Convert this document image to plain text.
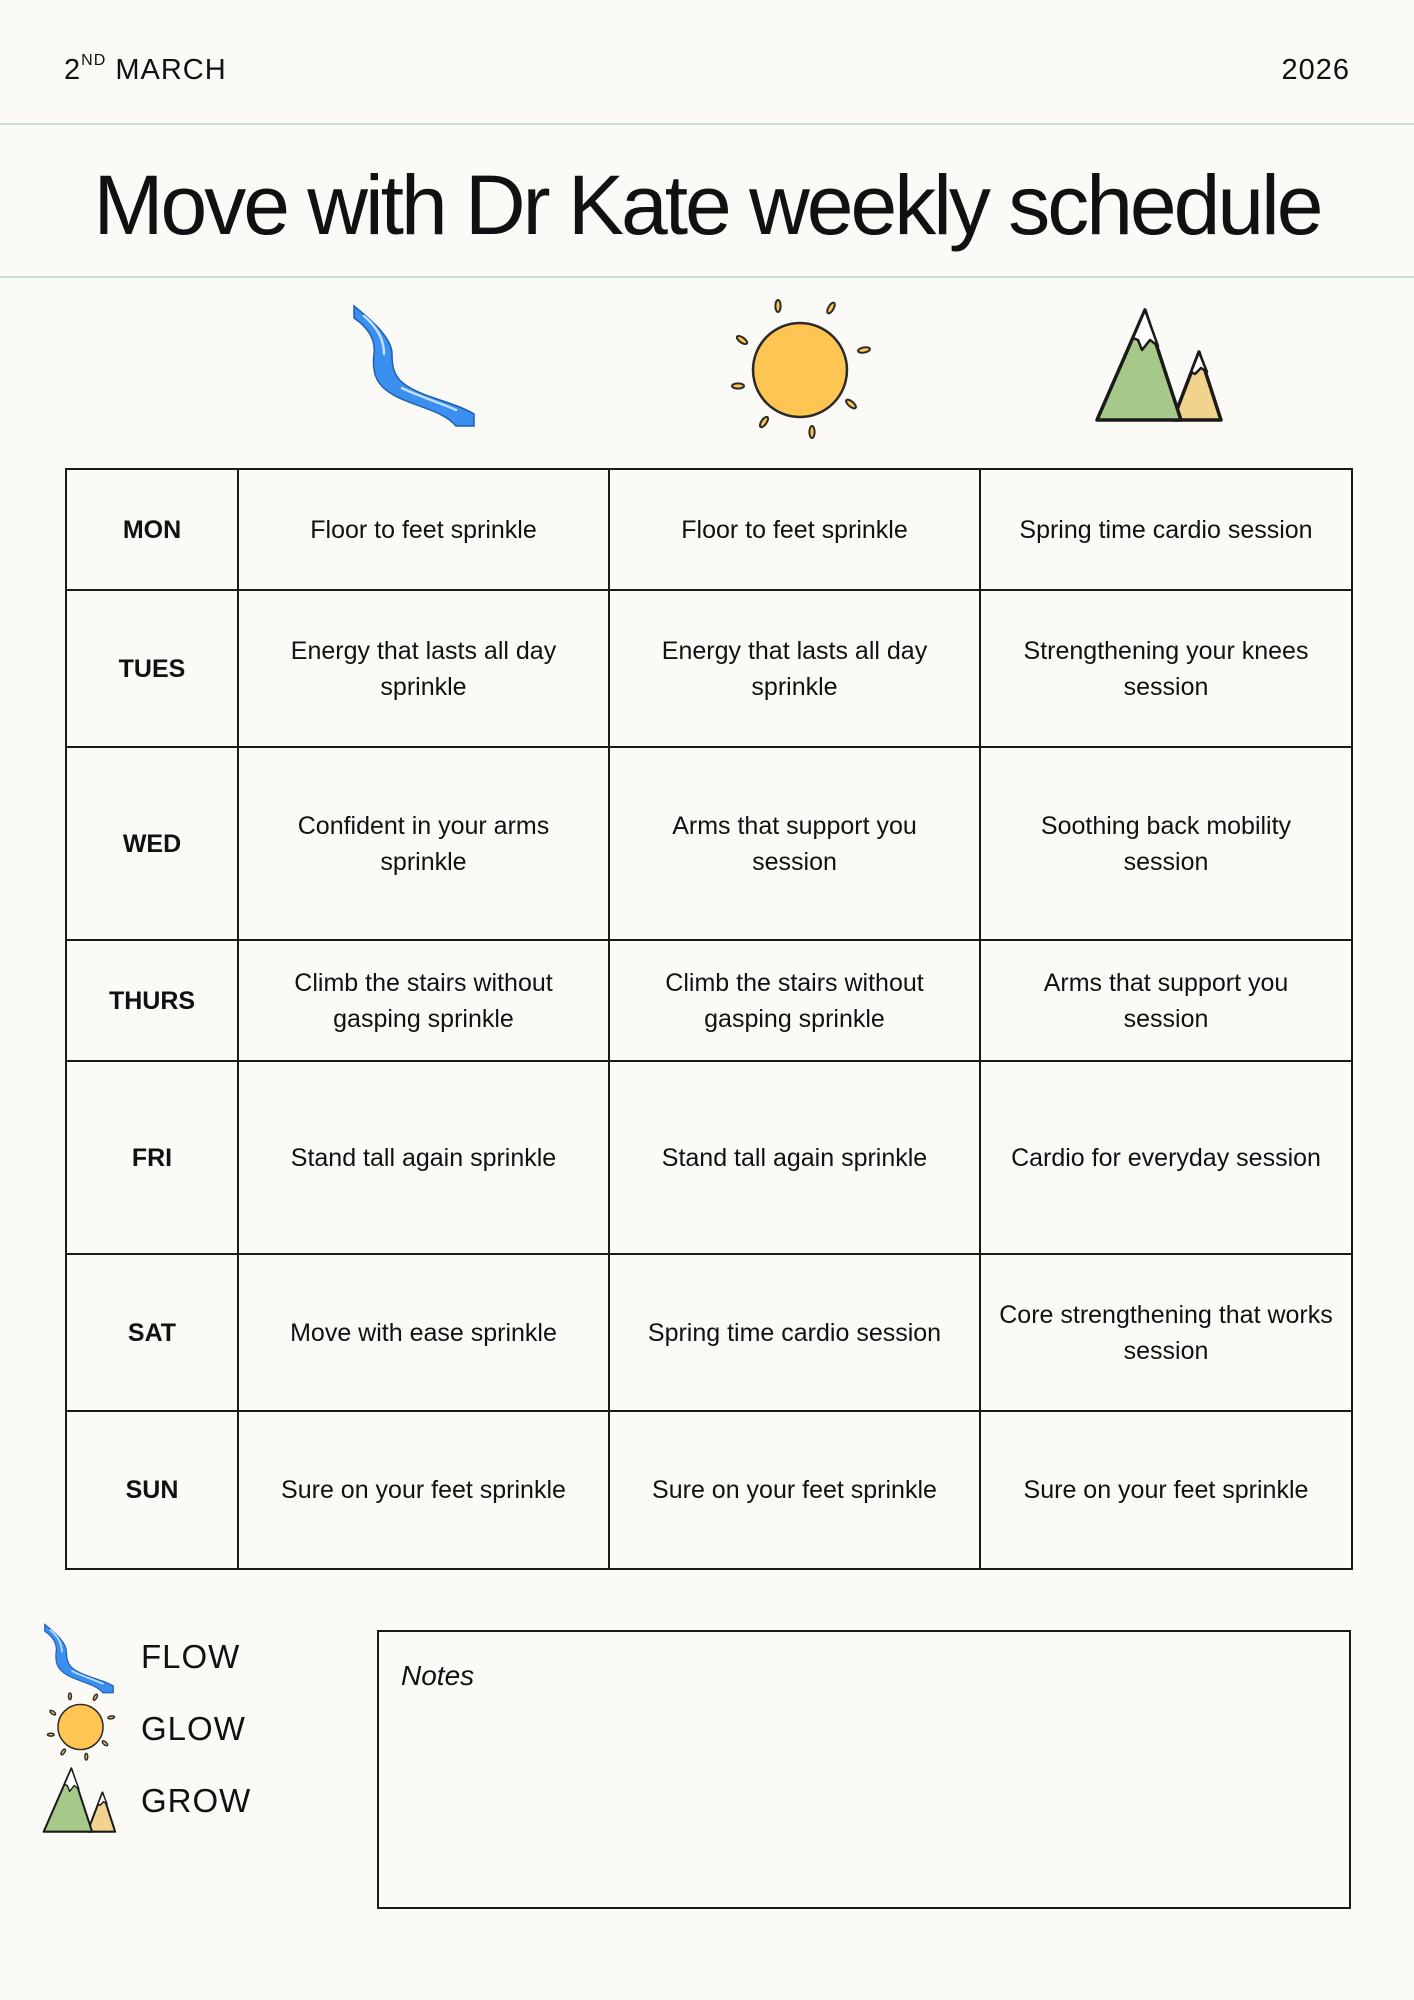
2ND MARCH	2026
Move with Dr Kate weekly schedule
MON	Floor to feet sprinkle	Floor to feet sprinkle	Spring time cardio session
TUES	Energy that lasts all day sprinkle	Energy that lasts all day sprinkle	Strengthening your knees session
WED	Confident in your arms sprinkle	Arms that support you session	Soothing back mobility session
THURS	Climb the stairs without gasping sprinkle	Climb the stairs without gasping sprinkle	Arms that support you session
FRI	Stand tall again sprinkle	Stand tall again sprinkle	Cardio for everyday session
SAT	Move with ease sprinkle	Spring time cardio session	Core strengthening that works session
SUN	Sure on your feet sprinkle	Sure on your feet sprinkle	Sure on your feet sprinkle
FLOW
GLOW
GROW
Notes
